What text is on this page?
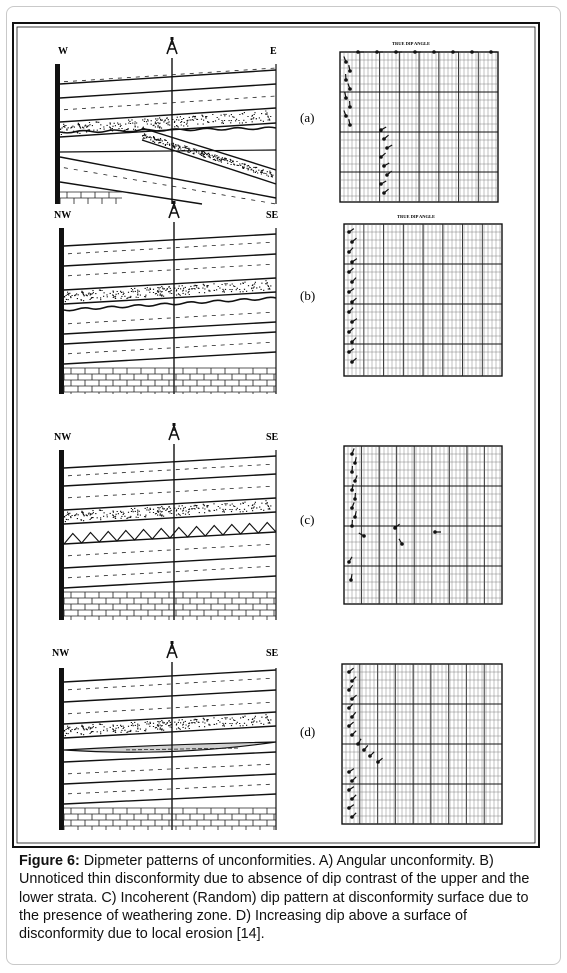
W	E
(a)
TRUE DIP ANGLE
NW	SE
(b)
TRUE DIP ANGLE
NW	SE
(c)
NW	SE
(d)
Figure 6: Dipmeter patterns of unconformities. A) Angular unconformity. B) Unnoticed thin disconformity due to absence of dip contrast of the upper and the lower strata. C) Incoherent (Random) dip pattern at disconformity surface due to the presence of weathering zone. D) Increasing dip above a surface of disconformity due to local erosion [14].
